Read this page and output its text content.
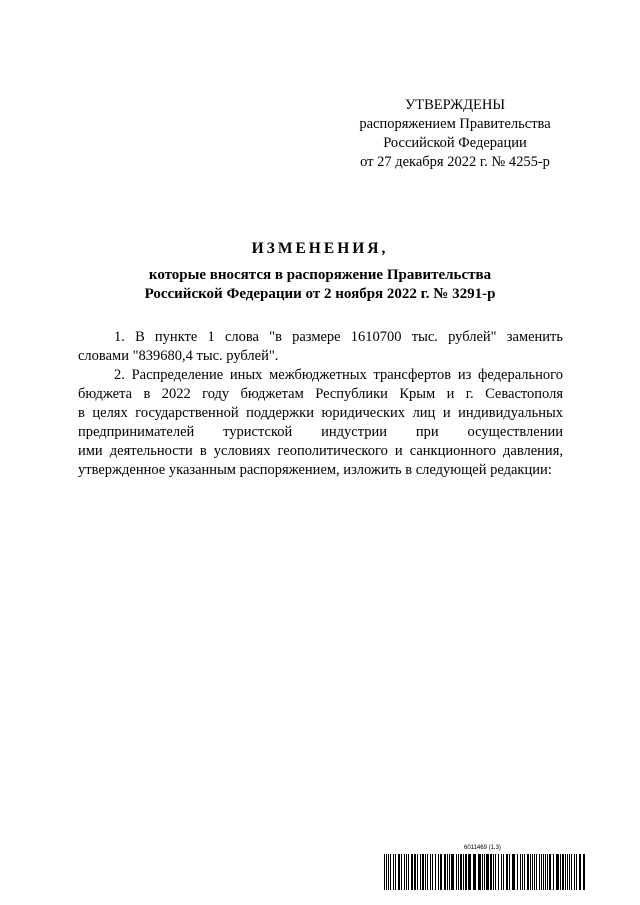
УТВЕРЖДЕНЫ
распоряжением Правительства
Российской Федерации
от 27 декабря 2022 г. № 4255-р
ИЗМЕНЕНИЯ,
которые вносятся в распоряжение Правительства
Российской Федерации от 2 ноября 2022 г. № 3291-р
1. В пункте 1 слова "в размере 1610700 тыс. рублей" заменить
словами "839680,4 тыс. рублей".
2. Распределение иных межбюджетных трансфертов из федерального
бюджета в 2022 году бюджетам Республики Крым и г. Севастополя
в целях государственной поддержки юридических лиц и индивидуальных
предпринимателей туристской индустрии при осуществлении
ими деятельности в условиях геополитического и санкционного давления,
утвержденное указанным распоряжением, изложить в следующей редакции:
6011469 (1.3)
